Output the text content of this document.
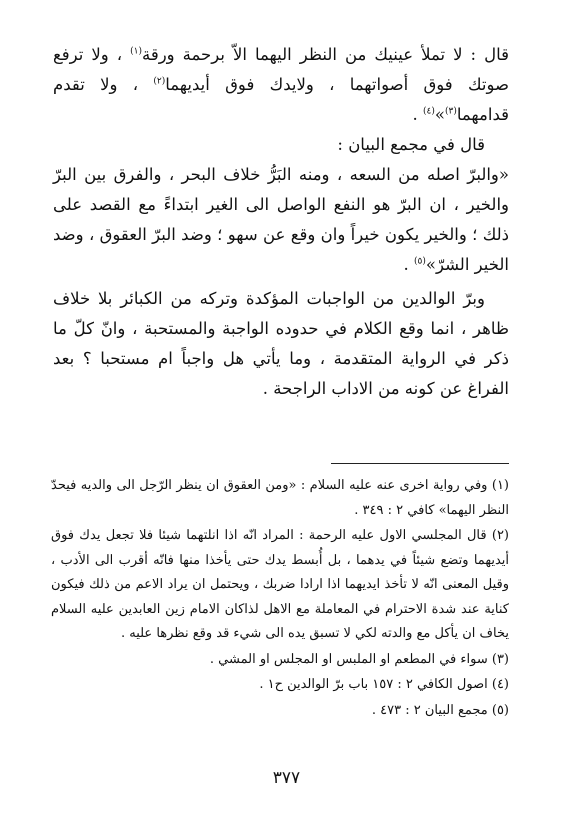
قال : لا تملأ عينيك من النظر اليهما الاّ برحمة ورقة$^{(١)}$ ، ولا ترفع صوتك فوق أصواتهما ، ولايدك فوق أيديهما$^{(٢)}$ ، ولا تقدم قدامهما$^{(٣)}$»$^{(٤)}$ .

قال في مجمع البيان :

«والبرّ اصله من السعه ، ومنه البَرُّ خلاف البحر ، والفرق بين البرّ والخير ، ان البرّ هو النفع الواصل الى الغير ابتداءً مع القصد على ذلك ؛ والخير يكون خيراً وان وقع عن سهو ؛ وضد البرّ العقوق ، وضد الخير الشرّ»$^{(٥)}$ .

وبرّ الوالدين من الواجبات المؤكدة وتركه من الكبائر بلا خلاف ظاهر ، انما وقع الكلام في حدوده الواجبة والمستحبة ، وانّ كلّ ما ذكر في الرواية المتقدمة ، وما يأتي هل واجباً ام مستحبا ؟ بعد الفراغ عن كونه من الاداب الراجحة .

(١) وفي رواية اخرى عنه عليه السلام : «ومن العقوق ان ينظر الرّجل الى والديه فيحدّ النظر اليهما» كافي ٢ : ٣٤٩ .

(٢) قال المجلسي الاول عليه الرحمة : المراد انّه اذا انلتهما شيئا فلا تجعل يدك فوق أيديهما وتضع شيئاً في يدهما ، بل أُبسط يدك حتى يأخذا منها فانّه أقرب الى الأدب ، وقيل المعنى انّه لا تأخذ ايديهما اذا ارادا ضربك ، ويحتمل ان يراد الاعم من ذلك فيكون كناية عند شدة الاحترام في المعاملة مع الاهل لذاكان الامام زين العابدين عليه السلام يخاف ان يأكل مع والدته لكي لا تسبق يده الى شيء قد وقع نظرها عليه .

(٣) سواء في المطعم او الملبس او المجلس او المشي .

(٤) اصول الكافي ٢ : ١٥٧ باب برّ الوالدين ح١ .

(٥) مجمع البيان ٢ : ٤٧٣ .

٣٧٧
